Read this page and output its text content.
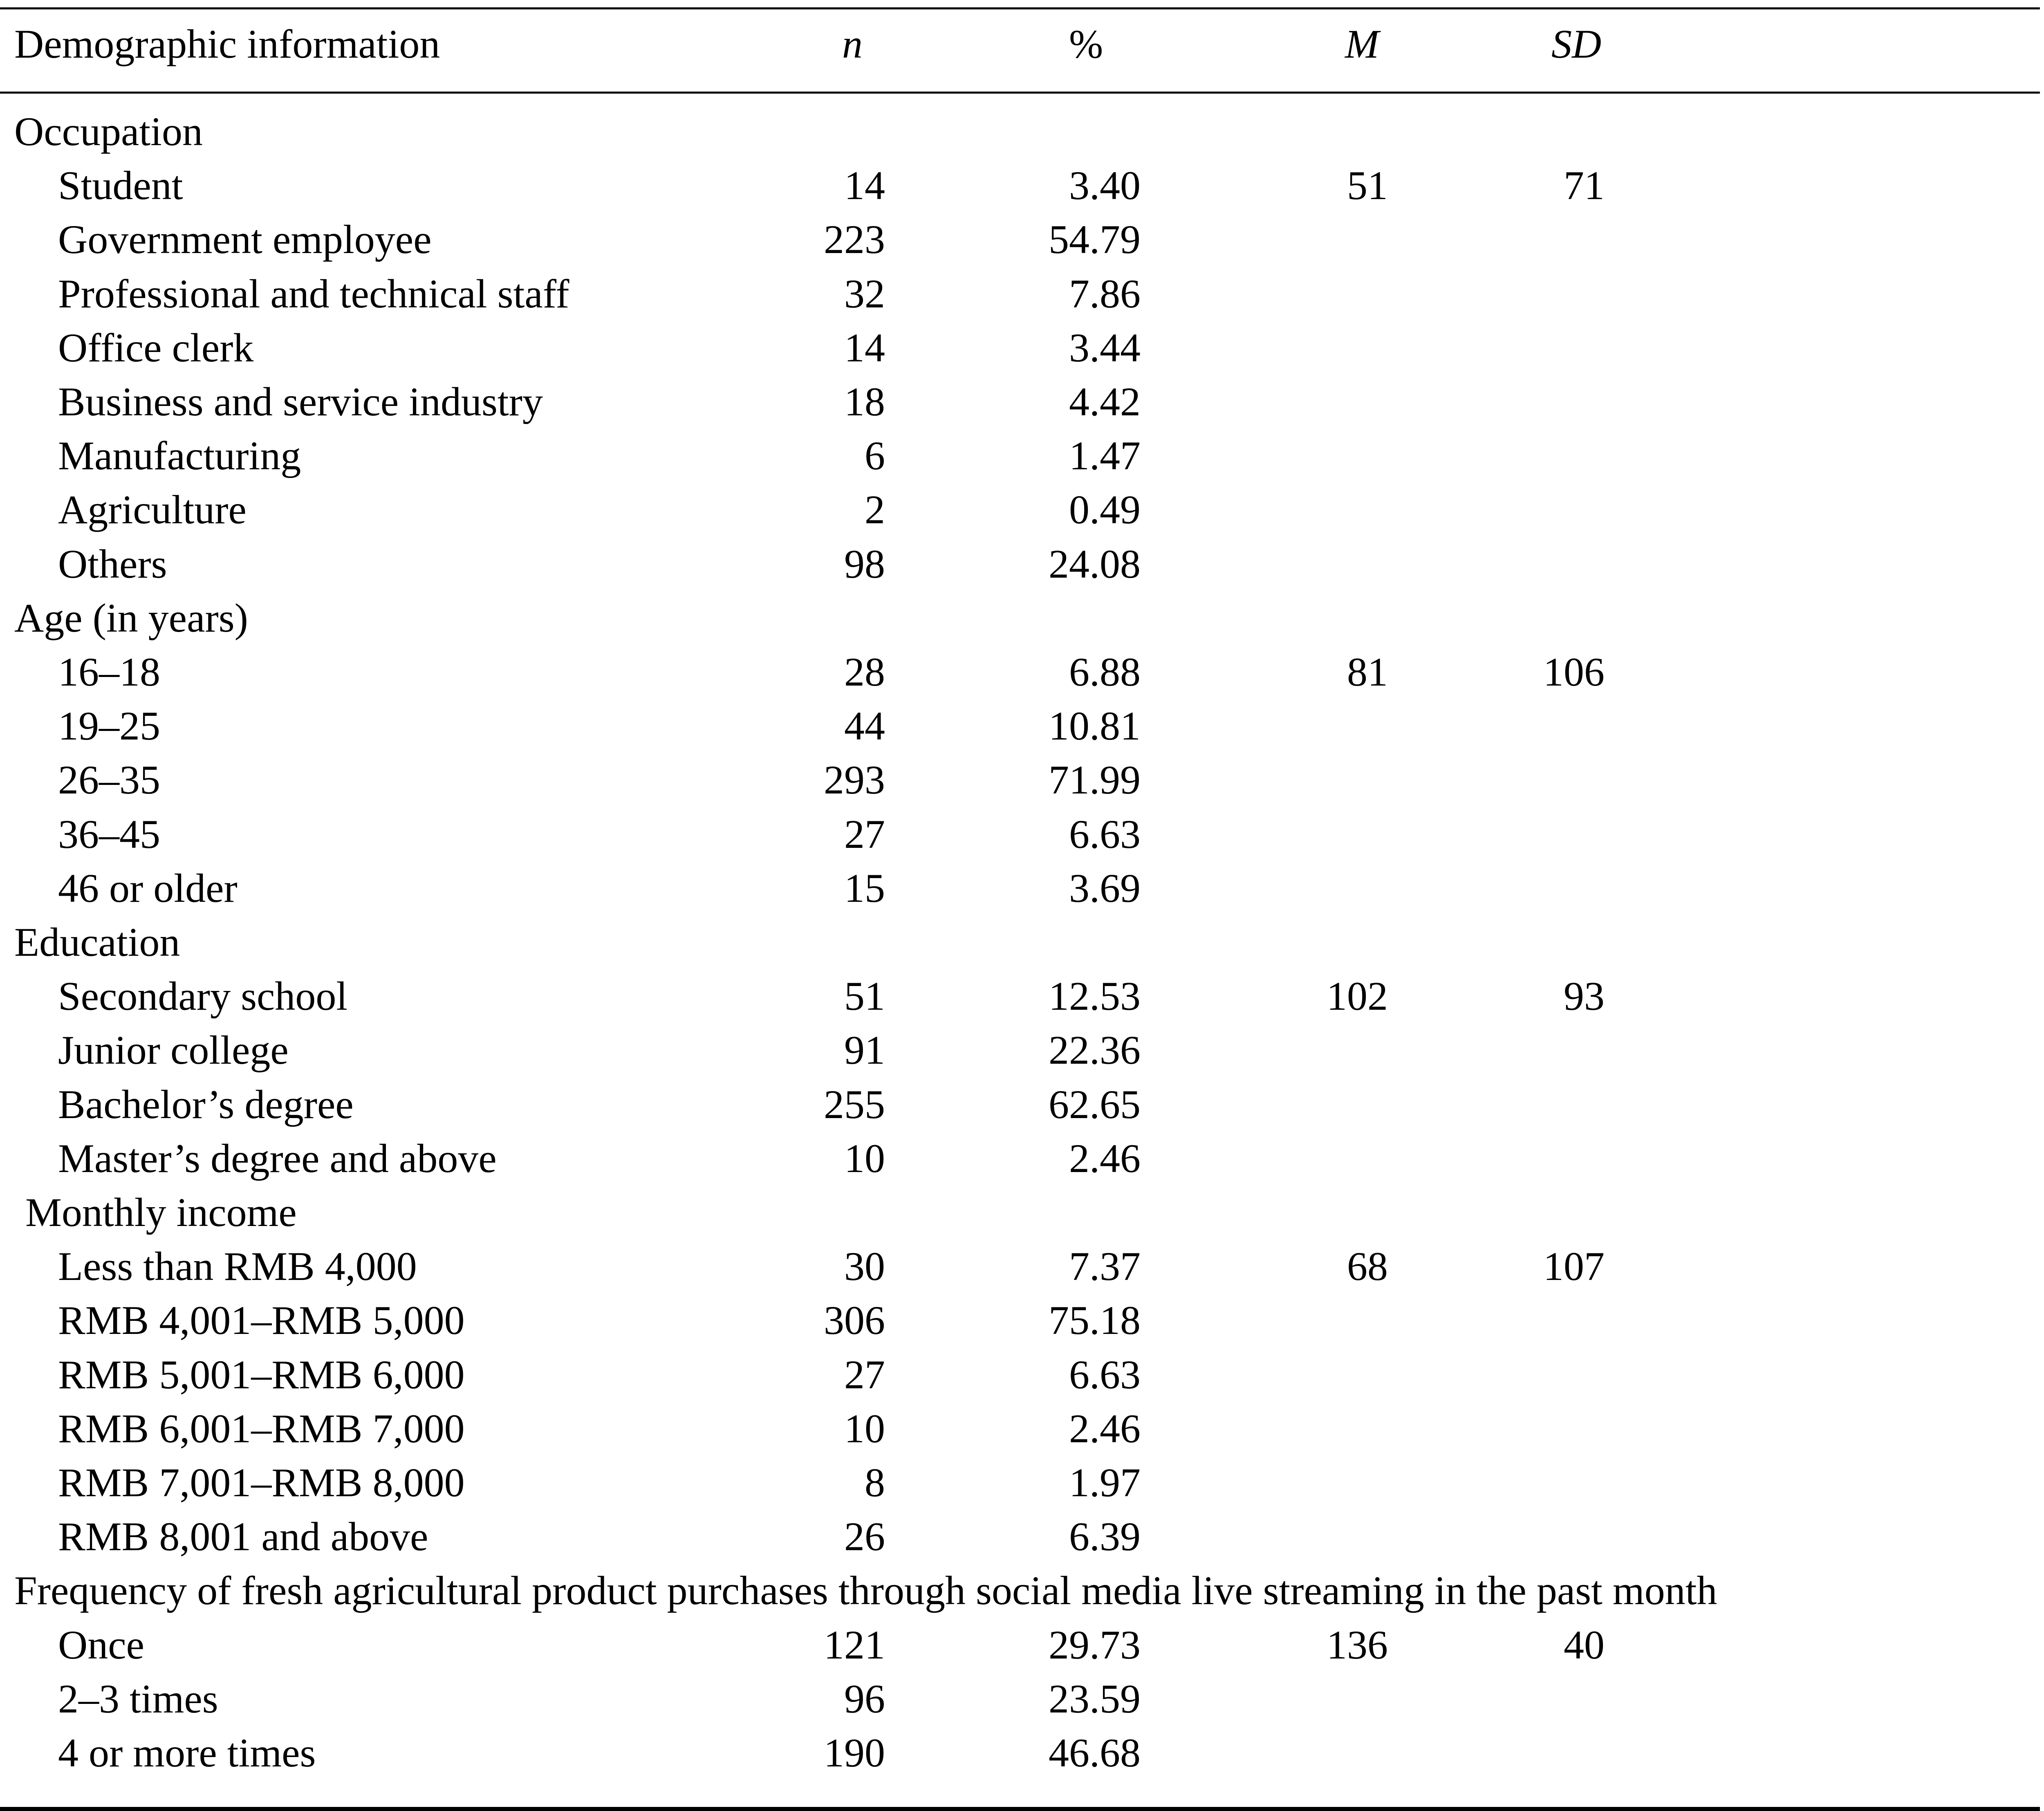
Demographic information	n	%	M	SD
Occupation
Student	14	3.40	51	71
Government employee	223	54.79
Professional and technical staff	32	7.86
Office clerk	14	3.44
Business and service industry	18	4.42
Manufacturing	6	1.47
Agriculture	2	0.49
Others	98	24.08
Age (in years)
16–18	28	6.88	81	106
19–25	44	10.81
26–35	293	71.99
36–45	27	6.63
46 or older	15	3.69
Education
Secondary school	51	12.53	102	93
Junior college	91	22.36
Bachelor’s degree	255	62.65
Master’s degree and above	10	2.46
Monthly income
Less than RMB 4,000	30	7.37	68	107
RMB 4,001–RMB 5,000	306	75.18
RMB 5,001–RMB 6,000	27	6.63
RMB 6,001–RMB 7,000	10	2.46
RMB 7,001–RMB 8,000	8	1.97
RMB 8,001 and above	26	6.39
Frequency of fresh agricultural product purchases through social media live streaming in the past month
Once	121	29.73	136	40
2–3 times	96	23.59
4 or more times	190	46.68
